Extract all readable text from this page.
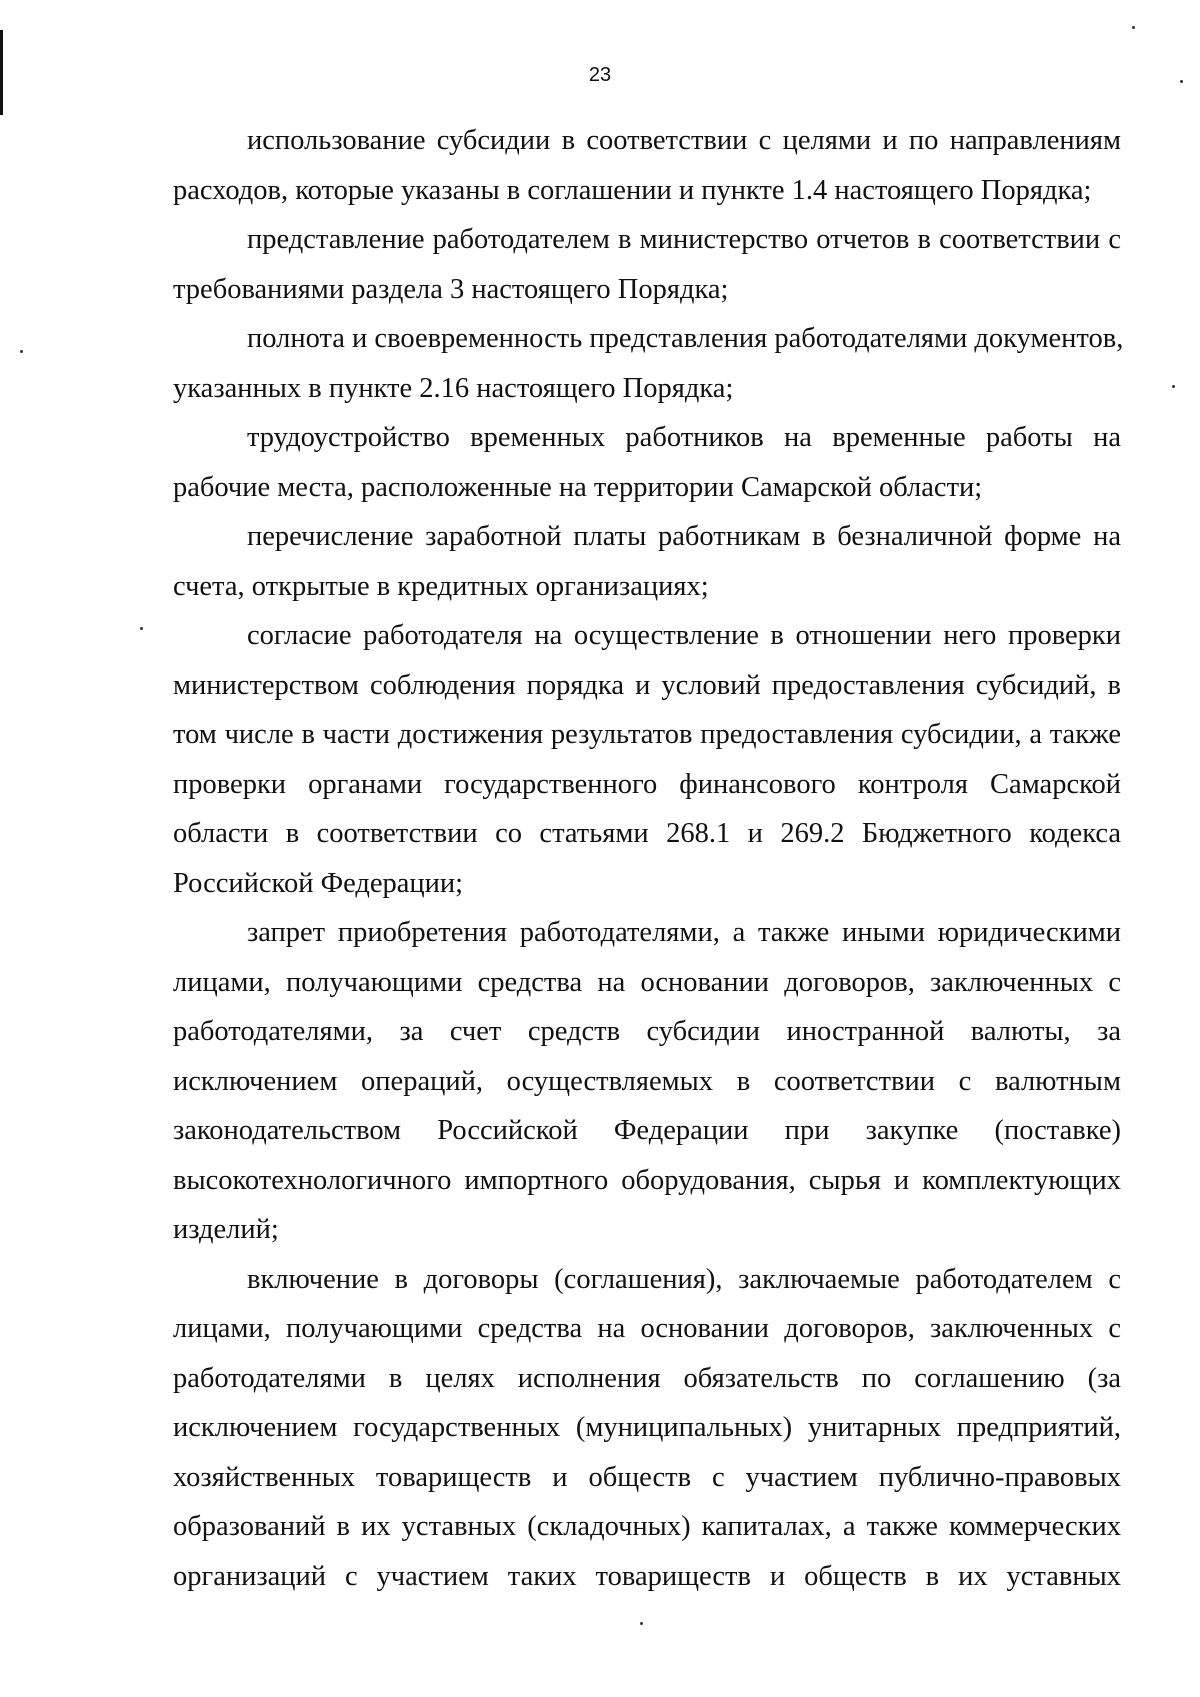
23
использование субсидии в соответствии с целями и по направлениям
расходов, которые указаны в соглашении и пункте 1.4 настоящего Порядка;
представление работодателем в министерство отчетов в соответствии с
требованиями раздела 3 настоящего Порядка;
полнота и своевременность представления работодателями документов,
указанных в пункте 2.16 настоящего Порядка;
трудоустройство временных работников на временные работы на
рабочие места, расположенные на территории Самарской области;
перечисление заработной платы работникам в безналичной форме на
счета, открытые в кредитных организациях;
согласие работодателя на осуществление в отношении него проверки
министерством соблюдения порядка и условий предоставления субсидий, в
том числе в части достижения результатов предоставления субсидии, а также
проверки органами государственного финансового контроля Самарской
области в соответствии со статьями 268.1 и 269.2 Бюджетного кодекса
Российской Федерации;
запрет приобретения работодателями, а также иными юридическими
лицами, получающими средства на основании договоров, заключенных с
работодателями, за счет средств субсидии иностранной валюты, за
исключением операций, осуществляемых в соответствии с валютным
законодательством Российской Федерации при закупке (поставке)
высокотехнологичного импортного оборудования, сырья и комплектующих
изделий;
включение в договоры (соглашения), заключаемые работодателем с
лицами, получающими средства на основании договоров, заключенных с
работодателями в целях исполнения обязательств по соглашению (за
исключением государственных (муниципальных) унитарных предприятий,
хозяйственных товариществ и обществ с участием публично-правовых
образований в их уставных (складочных) капиталах, а также коммерческих
организаций с участием таких товариществ и обществ в их уставных
